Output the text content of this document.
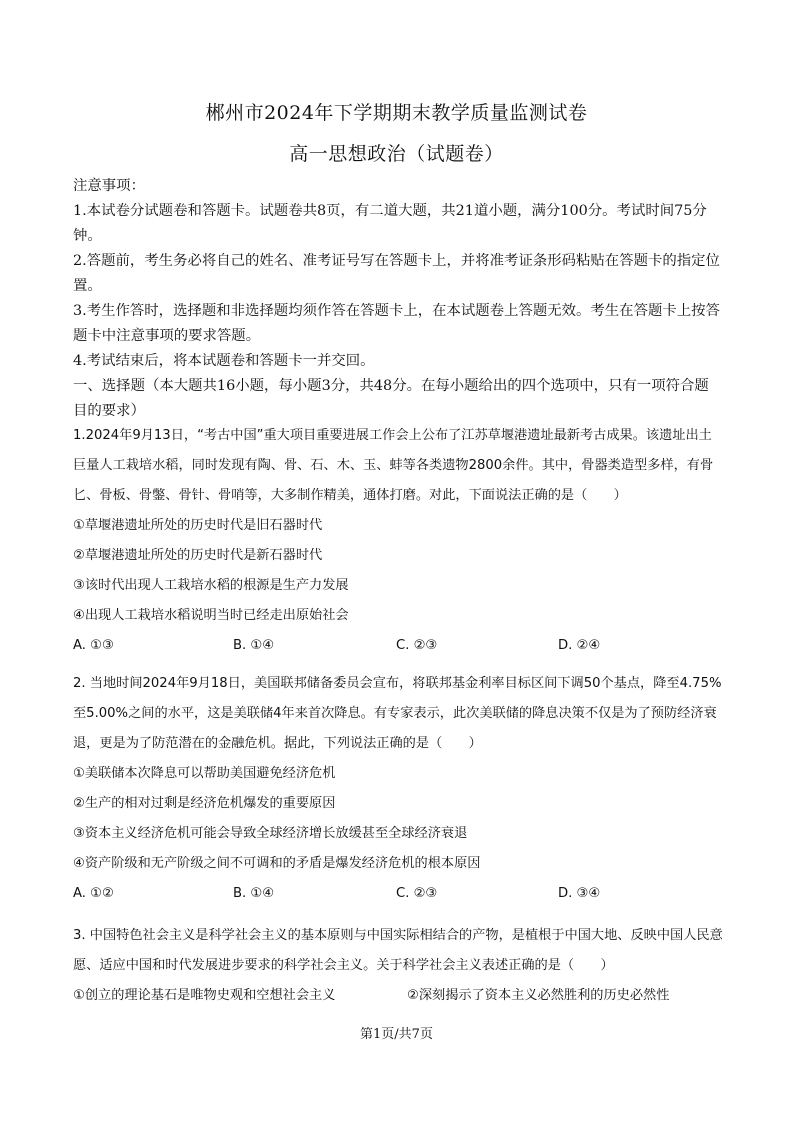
郴州市2024年下学期期末教学质量监测试卷
高一思想政治（试题卷）

注意事项：

1.本试卷分试题卷和答题卡。试题卷共8页，有二道大题，共21道小题，满分100分。考试时间75分钟。

2.答题前，考生务必将自己的姓名、准考证号写在答题卡上，并将准考证条形码粘贴在答题卡的指定位置。

3.考生作答时，选择题和非选择题均须作答在答题卡上，在本试题卷上答题无效。考生在答题卡上按答题卡中注意事项的要求答题。

4.考试结束后，将本试题卷和答题卡一并交回。

一、选择题（本大题共16小题，每小题3分，共48分。在每小题给出的四个选项中，只有一项符合题目的要求）

1.2024年9月13日，“考古中国”重大项目重要进展工作会上公布了江苏草堰港遗址最新考古成果。该遗址出土巨量人工栽培水稻，同时发现有陶、骨、石、木、玉、蚌等各类遗物2800余件。其中，骨器类造型多样，有骨匕、骨板、骨鐅、骨针、骨哨等，大多制作精美，通体打磨。对此，下面说法正确的是（　　）

①草堰港遗址所处的历史时代是旧石器时代

②草堰港遗址所处的历史时代是新石器时代

③该时代出现人工栽培水稻的根源是生产力发展

④出现人工栽培水稻说明当时已经走出原始社会

A. ①③	B. ①④	C. ②③	D. ②④

2. 当地时间2024年9月18日，美国联邦储备委员会宣布，将联邦基金利率目标区间下调50个基点，降至4.75%至5.00%之间的水平，这是美联储4年来首次降息。有专家表示，此次美联储的降息决策不仅是为了预防经济衰退，更是为了防范潜在的金融危机。据此，下列说法正确的是（　　）

①美联储本次降息可以帮助美国避免经济危机

②生产的相对过剩是经济危机爆发的重要原因

③资本主义经济危机可能会导致全球经济增长放缓甚至全球经济衰退

④资产阶级和无产阶级之间不可调和的矛盾是爆发经济危机的根本原因

A. ①②	B. ①④	C. ②③	D. ③④

3. 中国特色社会主义是科学社会主义的基本原则与中国实际相结合的产物，是植根于中国大地、反映中国人民意愿、适应中国和时代发展进步要求的科学社会主义。关于科学社会主义表述正确的是（　　）

①创立的理论基石是唯物史观和空想社会主义	②深刻揭示了资本主义必然胜利的历史必然性
第1页/共7页
